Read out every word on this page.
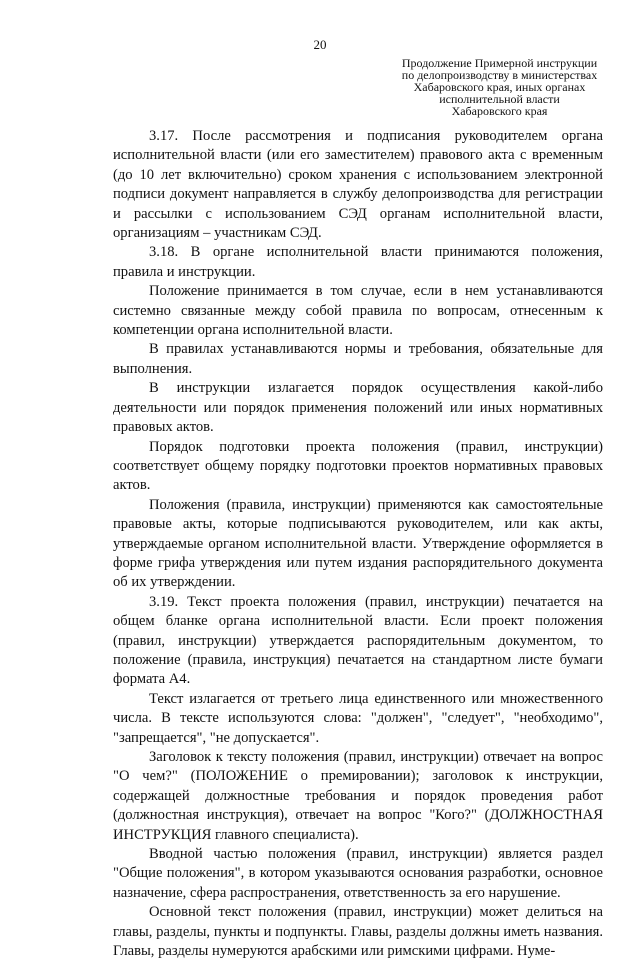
20
Продолжение Примерной инструкции
по делопроизводству в министерствах
Хабаровского края, иных органах
исполнительной власти
Хабаровского края

3.17. После рассмотрения и подписания руководителем органа исполнительной власти (или его заместителем) правового акта с временным (до 10 лет включительно) сроком хранения с использованием электронной подписи документ направляется в службу делопроизводства для регистрации и рассылки с использованием СЭД органам исполнительной власти, организациям – участникам СЭД.

3.18. В органе исполнительной власти принимаются положения, правила и инструкции.

Положение принимается в том случае, если в нем устанавливаются системно связанные между собой правила по вопросам, отнесенным к компетенции органа исполнительной власти.

В правилах устанавливаются нормы и требования, обязательные для выполнения.

В инструкции излагается порядок осуществления какой-либо деятельности или порядок применения положений или иных нормативных правовых актов.

Порядок подготовки проекта положения (правил, инструкции) соответствует общему порядку подготовки проектов нормативных правовых актов.

Положения (правила, инструкции) применяются как самостоятельные правовые акты, которые подписываются руководителем, или как акты, утверждаемые органом исполнительной власти. Утверждение оформляется в форме грифа утверждения или путем издания распорядительного документа об их утверждении.

3.19. Текст проекта положения (правил, инструкции) печатается на общем бланке органа исполнительной власти. Если проект положения (правил, инструкции) утверждается распорядительным документом, то положение (правила, инструкция) печатается на стандартном листе бумаги формата А4.

Текст излагается от третьего лица единственного или множественного числа. В тексте используются слова: "должен", "следует", "необходимо", "запрещается", "не допускается".

Заголовок к тексту положения (правил, инструкции) отвечает на вопрос "О чем?" (ПОЛОЖЕНИЕ о премировании); заголовок к инструкции, содержащей должностные требования и порядок проведения работ (должностная инструкция), отвечает на вопрос "Кого?" (ДОЛЖНОСТНАЯ ИНСТРУКЦИЯ главного специалиста).

Вводной частью положения (правил, инструкции) является раздел "Общие положения", в котором указываются основания разработки, основное назначение, сфера распространения, ответственность за его нарушение.

Основной текст положения (правил, инструкции) может делиться на главы, разделы, пункты и подпункты. Главы, разделы должны иметь названия. Главы, разделы нумеруются арабскими или римскими цифрами. Нуме-
